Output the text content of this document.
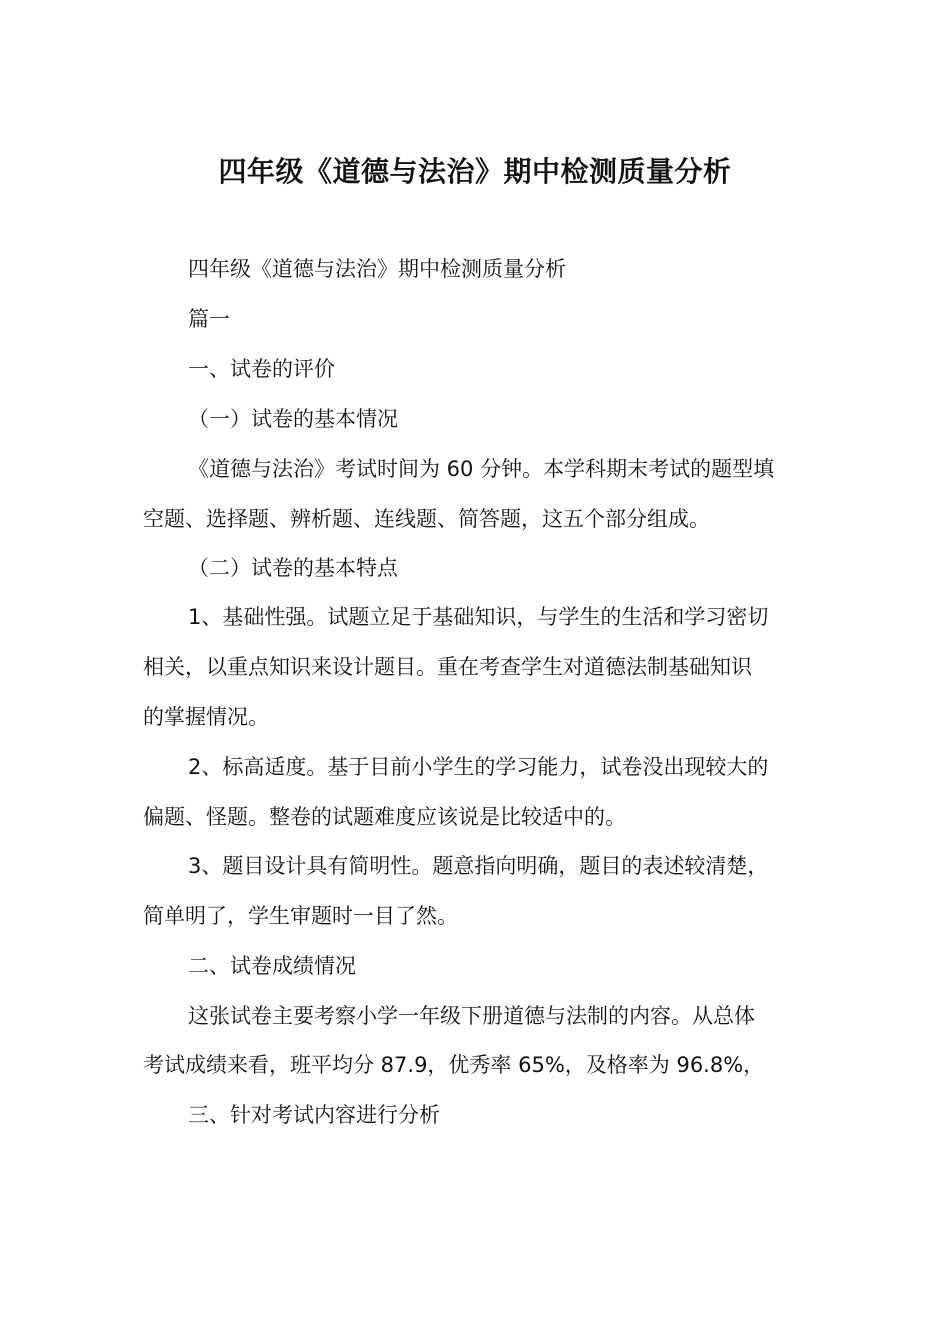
四年级《道德与法治》期中检测质量分析
四年级《道德与法治》期中检测质量分析
篇一
一、试卷的评价
（一）试卷的基本情况
《道德与法治》考试时间为 60 分钟。本学科期末考试的题型填
空题、选择题、辨析题、连线题、简答题，这五个部分组成。
（二）试卷的基本特点
1、基础性强。试题立足于基础知识，与学生的生活和学习密切
相关，以重点知识来设计题目。重在考查学生对道德法制基础知识
的掌握情况。
2、标高适度。基于目前小学生的学习能力，试卷没出现较大的
偏题、怪题。整卷的试题难度应该说是比较适中的。
3、题目设计具有简明性。题意指向明确，题目的表述较清楚，
简单明了，学生审题时一目了然。
二、试卷成绩情况
这张试卷主要考察小学一年级下册道德与法制的内容。从总体
考试成绩来看，班平均分 87.9，优秀率 65%，及格率为 96.8%，
三、针对考试内容进行分析
